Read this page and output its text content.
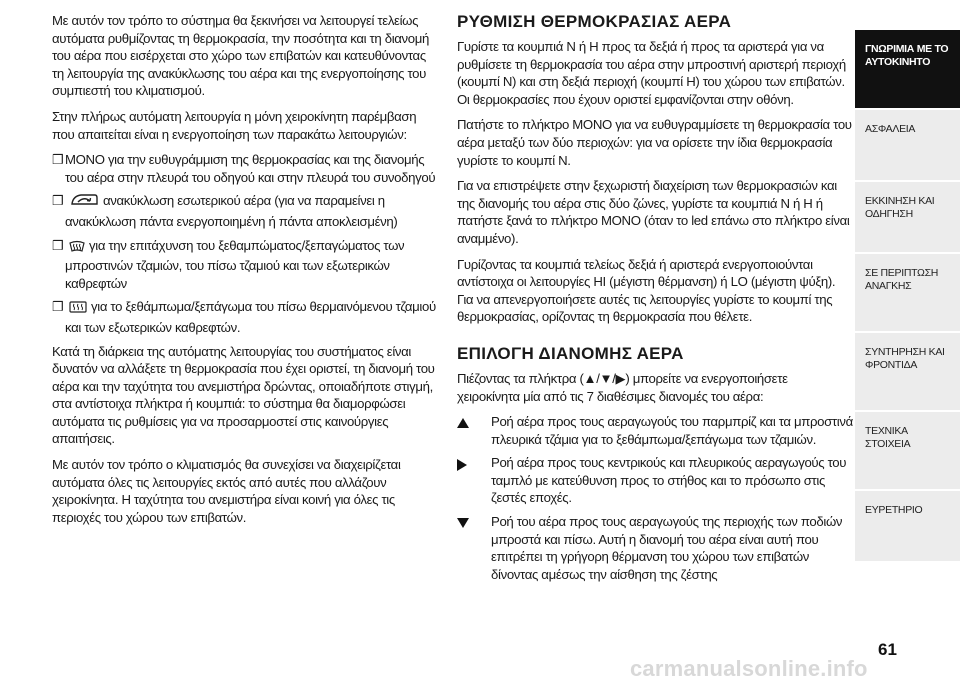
Με αυτόν τον τρόπο το σύστημα θα ξεκινήσει να λειτουργεί τελείως αυτόματα ρυθμίζοντας τη θερμοκρασία, την ποσότητα και τη διανομή του αέρα που εισέρχεται στο χώρο των επιβατών και κατευθύνοντας τη λειτουργία της ανακύκλωσης του αέρα και της ενεργοποίησης του συμπιεστή του κλιματισμού.

Στην πλήρως αυτόματη λειτουργία η μόνη χειροκίνητη παρέμβαση που απαιτείται είναι η ενεργοποίηση των παρακάτω λειτουργιών:

❒ MONO για την ευθυγράμμιση της θερμοκρασίας και της διανομής του αέρα στην πλευρά του οδηγού και στην πλευρά του συνοδηγού
❒	ανακύκλωση εσωτερικού αέρα (για να παραμείνει η ανακύκλωση πάντα ενεργοποιημένη ή πάντα αποκλεισμένη)
❒	για την επιτάχυνση του ξεθαμπώματος/ξεπαγώματος των μπροστινών τζαμιών, του πίσω τζαμιού και των εξωτερικών καθρεφτών
❒	για το ξεθάμπωμα/ξεπάγωμα του πίσω θερμαινόμενου τζαμιού και των εξωτερικών καθρεφτών.

Κατά τη διάρκεια της αυτόματης λειτουργίας του συστήματος είναι δυνατόν να αλλάξετε τη θερμοκρασία που έχει οριστεί, τη διανομή του αέρα και την ταχύτητα του ανεμιστήρα δρώντας, οποιαδήποτε στιγμή, στα αντίστοιχα πλήκτρα ή κουμπιά: το σύστημα θα διαμορφώσει αυτόματα τις ρυθμίσεις για να προσαρμοστεί στις καινούργιες απαιτήσεις.

Με αυτόν τον τρόπο ο κλιματισμός θα συνεχίσει να διαχειρίζεται αυτόματα όλες τις λειτουργίες εκτός από αυτές που αλλάζουν χειροκίνητα. Η ταχύτητα του ανεμιστήρα είναι κοινή για όλες τις περιοχές του χώρου των επιβατών.

ΡΥΘΜΙΣΗ ΘΕΡΜΟΚΡΑΣΙΑΣ ΑΕΡΑ

Γυρίστε τα κουμπιά N ή H προς τα δεξιά ή προς τα αριστερά για να ρυθμίσετε τη θερμοκρασία του αέρα στην μπροστινή αριστερή περιοχή (κουμπί N) και στη δεξιά περιοχή (κουμπί H) του χώρου των επιβατών. Οι θερμοκρασίες που έχουν οριστεί εμφανίζονται στην οθόνη.

Πατήστε το πλήκτρο MONO για να ευθυγραμμίσετε τη θερμοκρασία του αέρα μεταξύ των δύο περιοχών: για να ορίσετε την ίδια θερμοκρασία γυρίστε το κουμπί N.

Για να επιστρέψετε στην ξεχωριστή διαχείριση των θερμοκρασιών και της διανομής του αέρα στις δύο ζώνες, γυρίστε τα κουμπιά N ή H ή πατήστε ξανά το πλήκτρο MONO (όταν το led επάνω στο πλήκτρο είναι αναμμένο).

Γυρίζοντας τα κουμπιά τελείως δεξιά ή αριστερά ενεργοποιούνται αντίστοιχα οι λειτουργίες HI (μέγιστη θέρμανση) ή LO (μέγιστη ψύξη). Για να απενεργοποιήσετε αυτές τις λειτουργίες γυρίστε το κουμπί της θερμοκρασίας, ορίζοντας τη θερμοκρασία που θέλετε.

ΕΠΙΛΟΓΗ ΔΙΑΝΟΜΗΣ ΑΕΡΑ

Πιέζοντας τα πλήκτρα (▲/▼/▶) μπορείτε να ενεργοποιήσετε χειροκίνητα μία από τις 7 διαθέσιμες διανομές του αέρα:

Ροή αέρα προς τους αεραγωγούς του παρμπρίζ και τα μπροστινά πλευρικά τζάμια για το ξεθάμπωμα/ξεπάγωμα των τζαμιών.
Ροή αέρα προς τους κεντρικούς και πλευρικούς αεραγωγούς του ταμπλό με κατεύθυνση προς το στήθος και το πρόσωπο στις ζεστές εποχές.
Ροή του αέρα προς τους αεραγωγούς της περιοχής των ποδιών μπροστά και πίσω. Αυτή η διανομή του αέρα είναι αυτή που επιτρέπει τη γρήγορη θέρμανση του χώρου των επιβατών δίνοντας αμέσως την αίσθηση της ζέστης
ΓΝΩΡΙΜΙΑ ΜΕ ΤΟ ΑΥΤΟΚΙΝΗΤΟ
ΑΣΦΑΛΕΙΑ
ΕΚΚΙΝΗΣΗ ΚΑΙ ΟΔΗΓΗΣΗ
ΣΕ ΠΕΡΙΠΤΩΣΗ ΑΝΑΓΚΗΣ
ΣΥΝΤΗΡΗΣΗ ΚΑΙ ΦΡΟΝΤΙΔΑ
ΤΕΧΝΙΚΑ ΣΤΟΙΧΕΙΑ
ΕΥΡΕΤΗΡΙΟ
61
carmanualsonline.info
